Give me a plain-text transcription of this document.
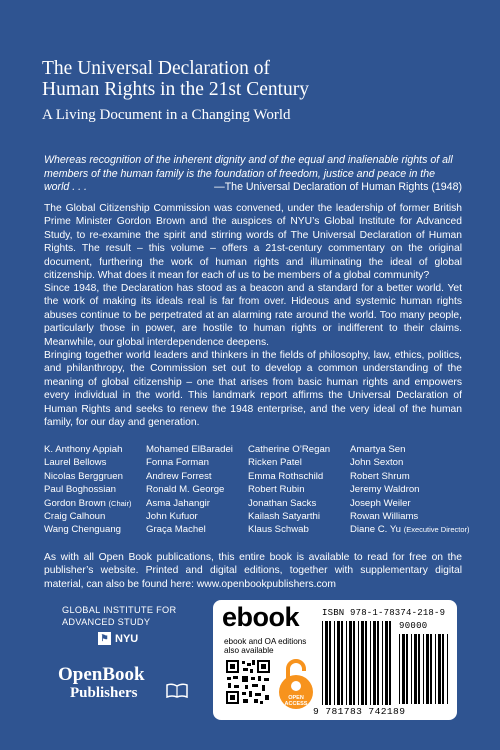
The Universal Declaration of
Human Rights in the 21st Century
A Living Document in a Changing World
Whereas recognition of the inherent dignity and of the equal and inalienable rights of all members of the human family is the foundation of freedom, justice and peace in the world . . .	—The Universal Declaration of Human Rights (1948)
The Global Citizenship Commission was convened, under the leadership of former British Prime Minister Gordon Brown and the auspices of NYU’s Global Institute for Advanced Study, to re-examine the spirit and stirring words of The Universal Declaration of Human Rights. The result – this volume – offers a 21st-century commentary on the original document, furthering the work of human rights and illuminating the ideal of global citizenship. What does it mean for each of us to be members of a global community?
Since 1948, the Declaration has stood as a beacon and a standard for a better world. Yet the work of making its ideals real is far from over. Hideous and systemic human rights abuses continue to be perpetrated at an alarming rate around the world. Too many people, particularly those in power, are hostile to human rights or indifferent to their claims. Meanwhile, our global interdependence deepens.
Bringing together world leaders and thinkers in the fields of philosophy, law, ethics, politics, and philanthropy, the Commission set out to develop a common understanding of the meaning of global citizenship – one that arises from basic human rights and empowers every individual in the world. This landmark report affirms the Universal Declaration of Human Rights and seeks to renew the 1948 enterprise, and the very ideal of the human family, for our day and generation.
K. Anthony Appiah
Laurel Bellows
Nicolas Berggruen
Paul Boghossian
Gordon Brown (Chair)
Craig Calhoun
Wang Chenguang
Mohamed ElBaradei
Fonna Forman
Andrew Forrest
Ronald M. George
Asma Jahangir
John Kufuor
Graça Machel
Catherine O’Regan
Ricken Patel
Emma Rothschild
Robert Rubin
Jonathan Sacks
Kailash Satyarthi
Klaus Schwab
Amartya Sen
John Sexton
Robert Shrum
Jeremy Waldron
Joseph Weiler
Rowan Williams
Diane C. Yu (Executive Director)
As with all Open Book publications, this entire book is available to read for free on the publisher’s website. Printed and digital editions, together with supplementary digital material, can also be found here: www.openbookpublishers.com
GLOBAL INSTITUTE FOR
ADVANCED STUDY
⚑ NYU
OpenBook
Publishers
ebook
ebook and OA editions also available
OPEN
ACCESS
ISBN 978-1-78374-218-9
90000
9 781783 742189
